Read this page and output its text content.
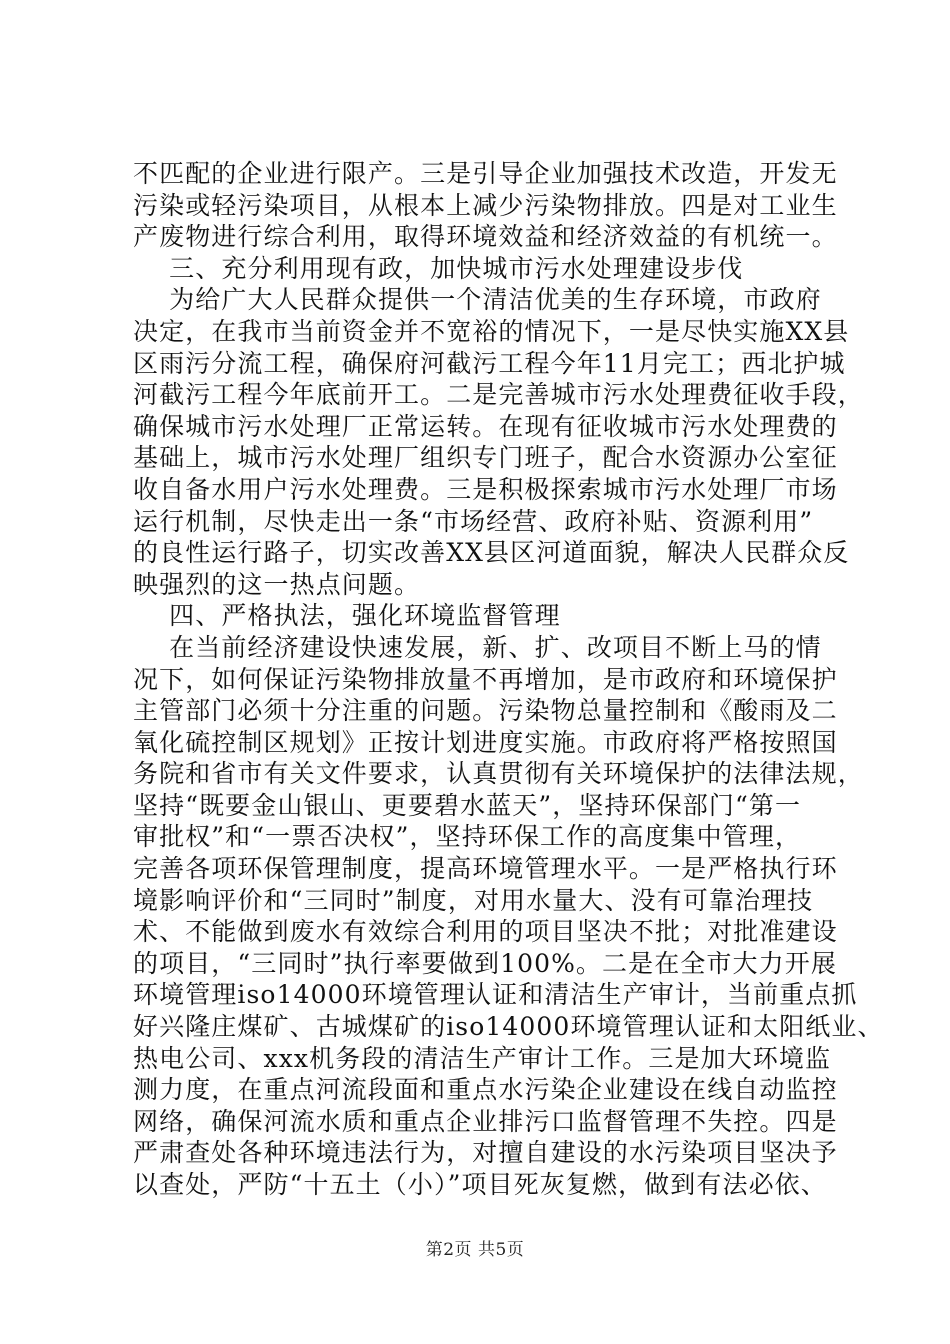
不匹配的企业进行限产。三是引导企业加强技术改造，开发无
污染或轻污染项目，从根本上减少污染物排放。四是对工业生
产废物进行综合利用，取得环境效益和经济效益的有机统一。
三、充分利用现有政，加快城市污水处理建设步伐
为给广大人民群众提供一个清洁优美的生存环境，市政府
决定，在我市当前资金并不宽裕的情况下，一是尽快实施XX县
区雨污分流工程，确保府河截污工程今年11月完工；西北护城
河截污工程今年底前开工。二是完善城市污水处理费征收手段，
确保城市污水处理厂正常运转。在现有征收城市污水处理费的
基础上，城市污水处理厂组织专门班子，配合水资源办公室征
收自备水用户污水处理费。三是积极探索城市污水处理厂市场
运行机制，尽快走出一条“市场经营、政府补贴、资源利用”
的良性运行路子，切实改善XX县区河道面貌，解决人民群众反
映强烈的这一热点问题。
四、严格执法，强化环境监督管理
在当前经济建设快速发展，新、扩、改项目不断上马的情
况下，如何保证污染物排放量不再增加，是市政府和环境保护
主管部门必须十分注重的问题。污染物总量控制和《酸雨及二
氧化硫控制区规划》正按计划进度实施。市政府将严格按照国
务院和省市有关文件要求，认真贯彻有关环境保护的法律法规，
坚持“既要金山银山、更要碧水蓝天”，坚持环保部门“第一
审批权”和“一票否决权”，坚持环保工作的高度集中管理，
完善各项环保管理制度，提高环境管理水平。一是严格执行环
境影响评价和“三同时”制度，对用水量大、没有可靠治理技
术、不能做到废水有效综合利用的项目坚决不批；对批准建设
的项目，“三同时”执行率要做到100%。二是在全市大力开展
环境管理iso14000环境管理认证和清洁生产审计，当前重点抓
好兴隆庄煤矿、古城煤矿的iso14000环境管理认证和太阳纸业、
热电公司、xxx机务段的清洁生产审计工作。三是加大环境监
测力度，在重点河流段面和重点水污染企业建设在线自动监控
网络，确保河流水质和重点企业排污口监督管理不失控。四是
严肃查处各种环境违法行为，对擅自建设的水污染项目坚决予
以查处，严防“十五土（小）”项目死灰复燃，做到有法必依、
第2页 共5页
